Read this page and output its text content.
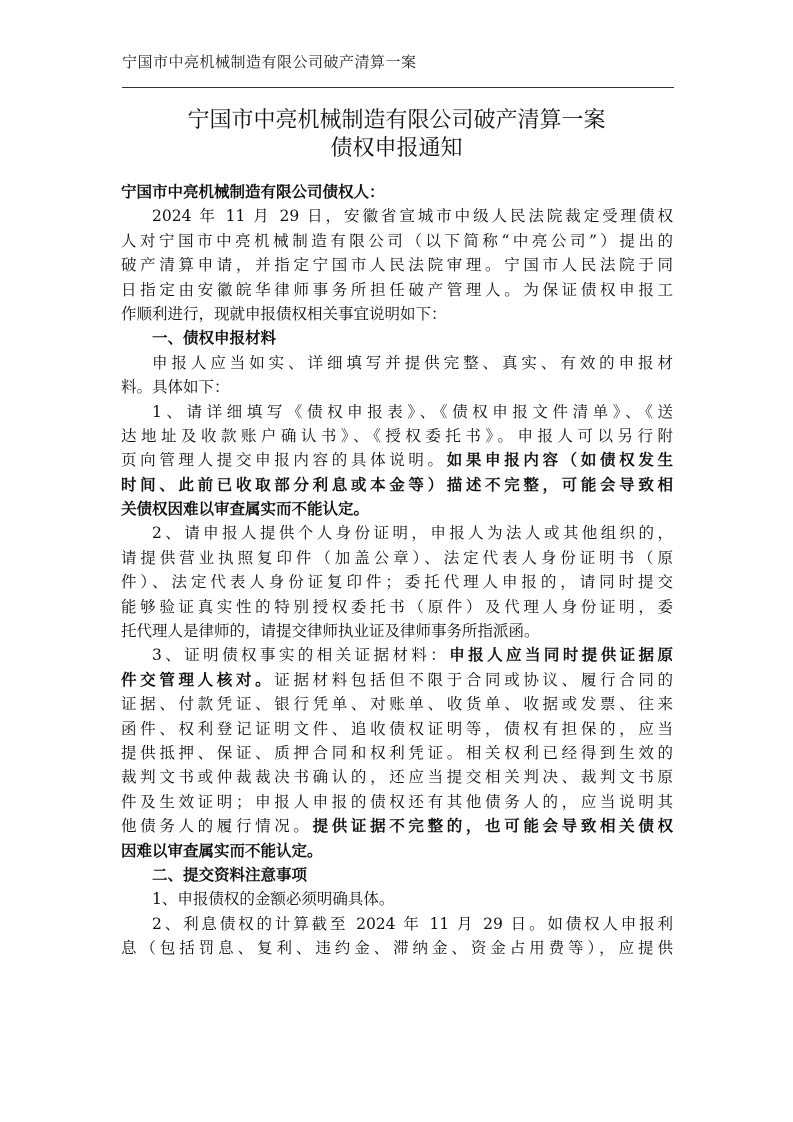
宁国市中亮机械制造有限公司破产清算一案
宁国市中亮机械制造有限公司破产清算一案
债权申报通知
宁国市中亮机械制造有限公司债权人：
2024 年 11 月 29 日，安徽省宣城市中级人民法院裁定受理债权
人对宁国市中亮机械制造有限公司（以下简称“中亮公司”）提出的
破产清算申请，并指定宁国市人民法院审理。宁国市人民法院于同
日指定由安徽皖华律师事务所担任破产管理人。为保证债权申报工
作顺利进行，现就申报债权相关事宜说明如下：
一、债权申报材料
申报人应当如实、详细填写并提供完整、真实、有效的申报材
料。具体如下：
1、请详细填写《债权申报表》、《债权申报文件清单》、《送
达地址及收款账户确认书》、《授权委托书》。申报人可以另行附
页向管理人提交申报内容的具体说明。如果申报内容（如债权发生
时间、此前已收取部分利息或本金等）描述不完整，可能会导致相
关债权因难以审查属实而不能认定。
2、请申报人提供个人身份证明，申报人为法人或其他组织的，
请提供营业执照复印件（加盖公章）、法定代表人身份证明书（原
件）、法定代表人身份证复印件；委托代理人申报的，请同时提交
能够验证真实性的特别授权委托书（原件）及代理人身份证明，委
托代理人是律师的，请提交律师执业证及律师事务所指派函。
3、证明债权事实的相关证据材料：申报人应当同时提供证据原
件交管理人核对。证据材料包括但不限于合同或协议、履行合同的
证据、付款凭证、银行凭单、对账单、收货单、收据或发票、往来
函件、权利登记证明文件、追收债权证明等，债权有担保的，应当
提供抵押、保证、质押合同和权利凭证。相关权利已经得到生效的
裁判文书或仲裁裁决书确认的，还应当提交相关判决、裁判文书原
件及生效证明；申报人申报的债权还有其他债务人的，应当说明其
他债务人的履行情况。提供证据不完整的，也可能会导致相关债权
因难以审查属实而不能认定。
二、提交资料注意事项
1、申报债权的金额必须明确具体。
2、利息债权的计算截至 2024 年 11 月 29 日。如债权人申报利
息（包括罚息、复利、违约金、滞纳金、资金占用费等），应提供
